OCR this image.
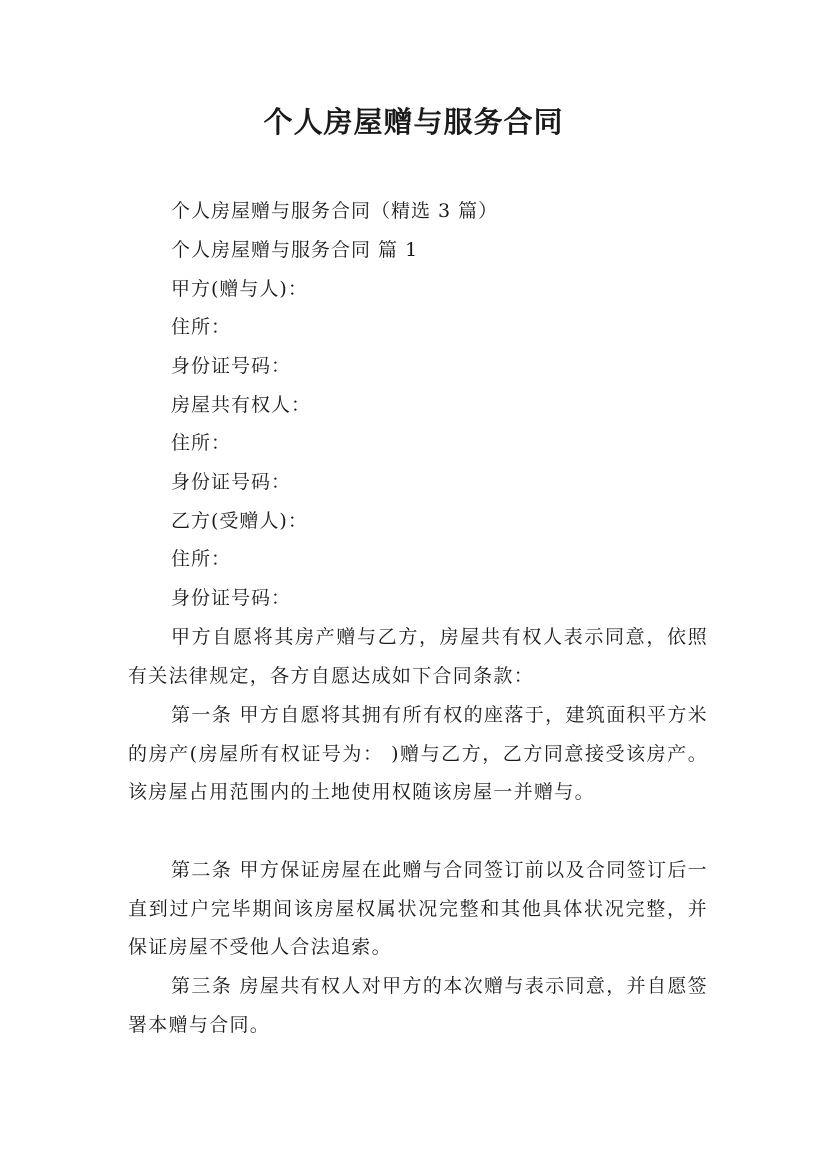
个人房屋赠与服务合同

个人房屋赠与服务合同（精选 3 篇）

个人房屋赠与服务合同 篇 1

甲方(赠与人)：

住所：

身份证号码：

房屋共有权人：

住所：

身份证号码：

乙方(受赠人)：

住所：

身份证号码：

甲方自愿将其房产赠与乙方，房屋共有权人表示同意，依照有关法律规定，各方自愿达成如下合同条款：

第一条 甲方自愿将其拥有所有权的座落于，建筑面积平方米的房产(房屋所有权证号为： )赠与乙方，乙方同意接受该房产。该房屋占用范围内的土地使用权随该房屋一并赠与。

第二条 甲方保证房屋在此赠与合同签订前以及合同签订后一直到过户完毕期间该房屋权属状况完整和其他具体状况完整，并保证房屋不受他人合法追索。

第三条 房屋共有权人对甲方的本次赠与表示同意，并自愿签署本赠与合同。
